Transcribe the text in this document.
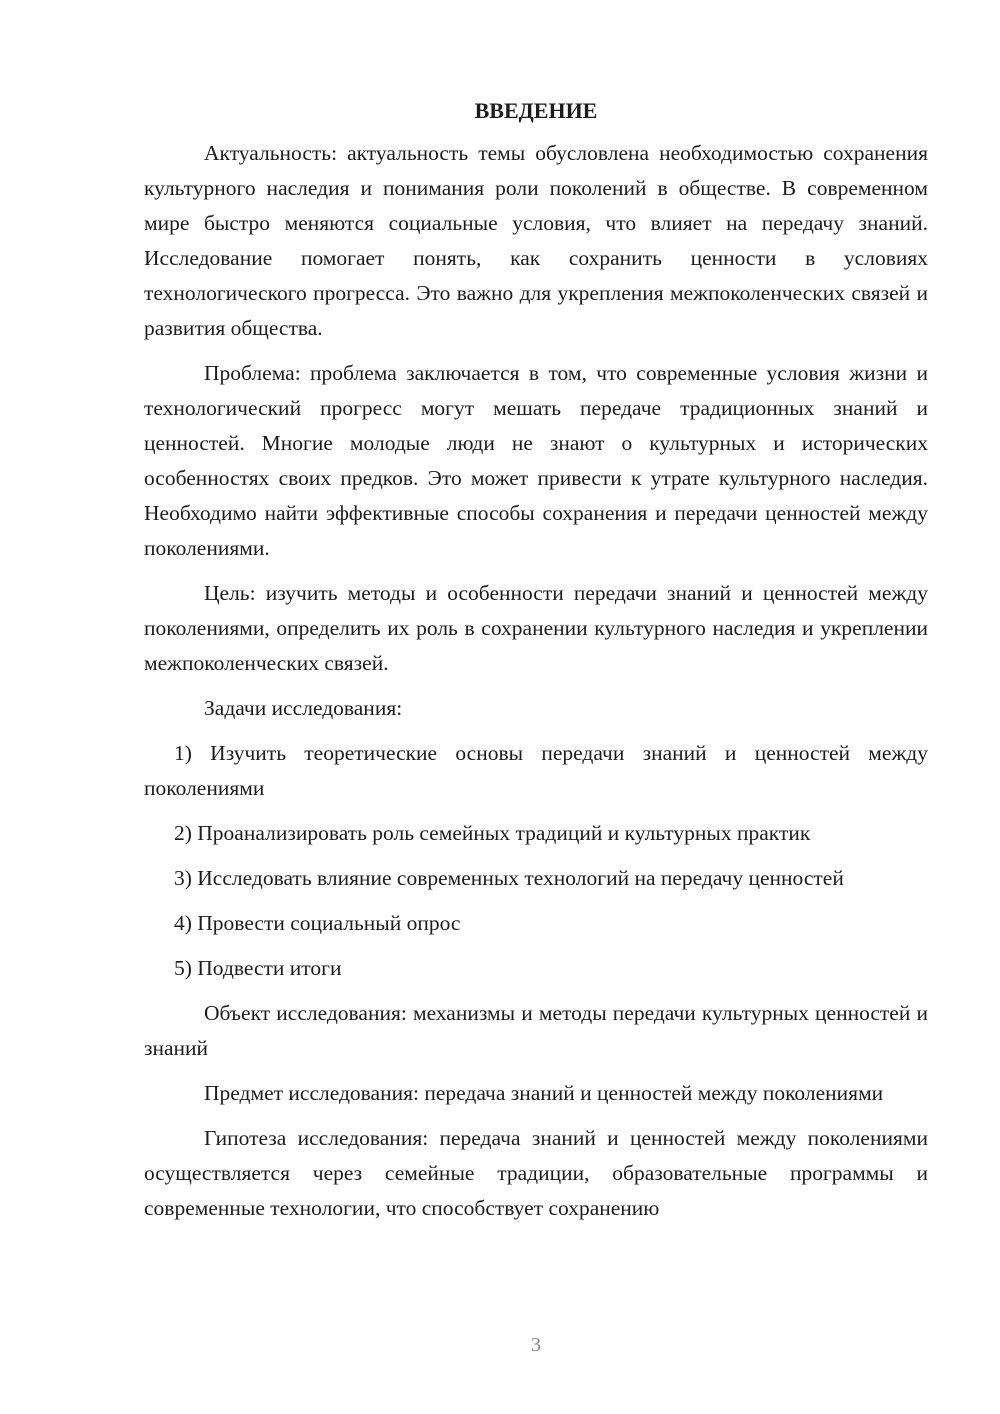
ВВЕДЕНИЕ

Актуальность: актуальность темы обусловлена необходимостью сохранения культурного наследия и понимания роли поколений в обществе. В современном мире быстро меняются социальные условия, что влияет на передачу знаний. Исследование помогает понять, как сохранить ценности в условиях технологического прогресса. Это важно для укрепления межпоколенческих связей и развития общества.

Проблема: проблема заключается в том, что современные условия жизни и технологический прогресс могут мешать передаче традиционных знаний и ценностей. Многие молодые люди не знают о культурных и исторических особенностях своих предков. Это может привести к утрате культурного наследия. Необходимо найти эффективные способы сохранения и передачи ценностей между поколениями.

Цель: изучить методы и особенности передачи знаний и ценностей между поколениями, определить их роль в сохранении культурного наследия и укреплении межпоколенческих связей.

Задачи исследования:

1) Изучить теоретические основы передачи знаний и ценностей между поколениями

2) Проанализировать роль семейных традиций и культурных практик

3) Исследовать влияние современных технологий на передачу ценностей

4) Провести социальный опрос

5) Подвести итоги

Объект исследования: механизмы и методы передачи культурных ценностей и знаний

Предмет исследования: передача знаний и ценностей между поколениями

Гипотеза исследования: передача знаний и ценностей между поколениями осуществляется через семейные традиции, образовательные программы и современные технологии, что способствует сохранению

3
